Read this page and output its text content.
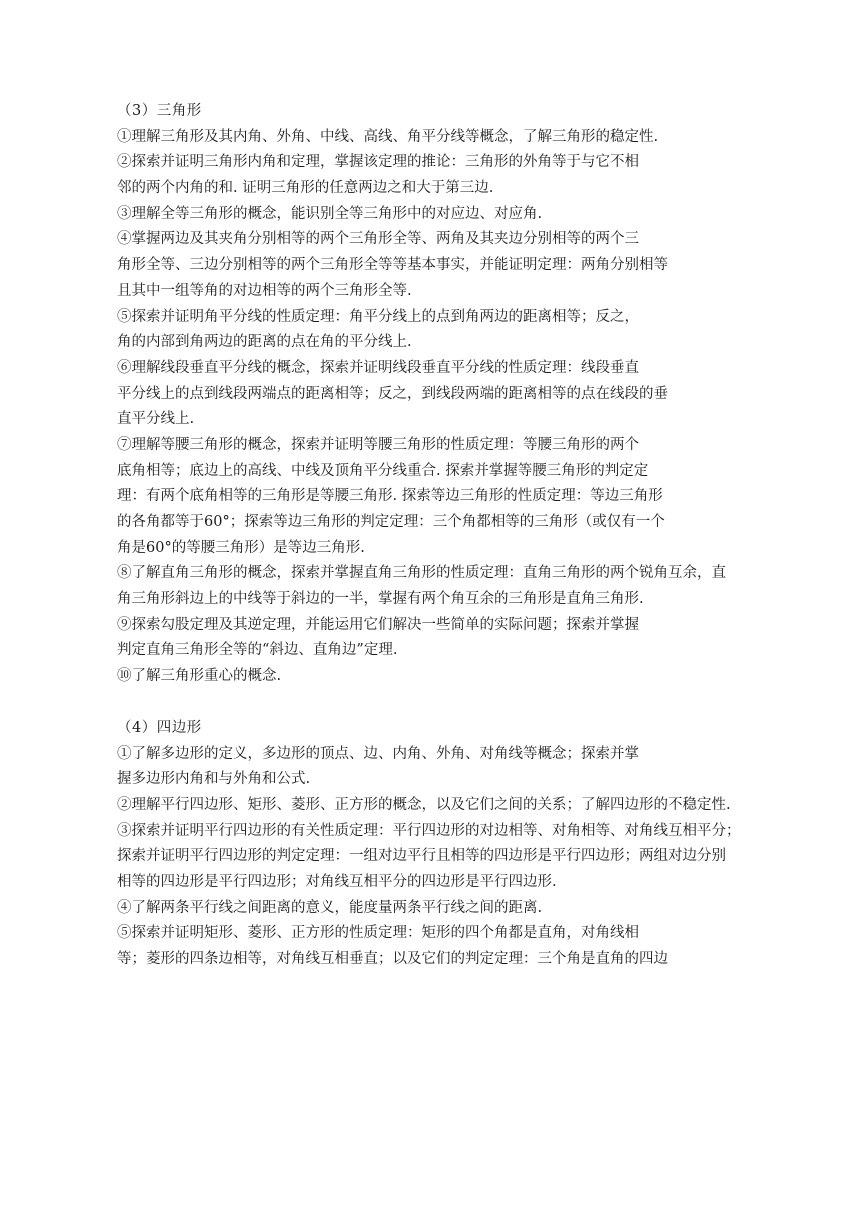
（3）三角形
①理解三角形及其内角、外角、中线、高线、角平分线等概念，了解三角形的稳定性.
②探索并证明三角形内角和定理，掌握该定理的推论：三角形的外角等于与它不相
邻的两个内角的和. 证明三角形的任意两边之和大于第三边.
③理解全等三角形的概念，能识别全等三角形中的对应边、对应角.
④掌握两边及其夹角分别相等的两个三角形全等、两角及其夹边分别相等的两个三
角形全等、三边分别相等的两个三角形全等等基本事实，并能证明定理：两角分别相等
且其中一组等角的对边相等的两个三角形全等.
⑤探索并证明角平分线的性质定理：角平分线上的点到角两边的距离相等；反之，
角的内部到角两边的距离的点在角的平分线上.
⑥理解线段垂直平分线的概念，探索并证明线段垂直平分线的性质定理：线段垂直
平分线上的点到线段两端点的距离相等；反之，到线段两端的距离相等的点在线段的垂
直平分线上.
⑦理解等腰三角形的概念，探索并证明等腰三角形的性质定理：等腰三角形的两个
底角相等；底边上的高线、中线及顶角平分线重合. 探索并掌握等腰三角形的判定定
理：有两个底角相等的三角形是等腰三角形. 探索等边三角形的性质定理：等边三角形
的各角都等于60°；探索等边三角形的判定定理：三个角都相等的三角形（或仅有一个
角是60°的等腰三角形）是等边三角形.
⑧了解直角三角形的概念，探索并掌握直角三角形的性质定理：直角三角形的两个锐角互余，直
角三角形斜边上的中线等于斜边的一半，掌握有两个角互余的三角形是直角三角形.
⑨探索勾股定理及其逆定理，并能运用它们解决一些简单的实际问题；探索并掌握
判定直角三角形全等的“斜边、直角边”定理.
⑩了解三角形重心的概念.
（4）四边形
①了解多边形的定义，多边形的顶点、边、内角、外角、对角线等概念；探索并掌
握多边形内角和与外角和公式.
②理解平行四边形、矩形、菱形、正方形的概念，以及它们之间的关系；了解四边形的不稳定性.
③探索并证明平行四边形的有关性质定理：平行四边形的对边相等、对角相等、对角线互相平分；
探索并证明平行四边形的判定定理：一组对边平行且相等的四边形是平行四边形；两组对边分别
相等的四边形是平行四边形；对角线互相平分的四边形是平行四边形.
④了解两条平行线之间距离的意义，能度量两条平行线之间的距离.
⑤探索并证明矩形、菱形、正方形的性质定理：矩形的四个角都是直角，对角线相
等；菱形的四条边相等，对角线互相垂直；以及它们的判定定理：三个角是直角的四边
